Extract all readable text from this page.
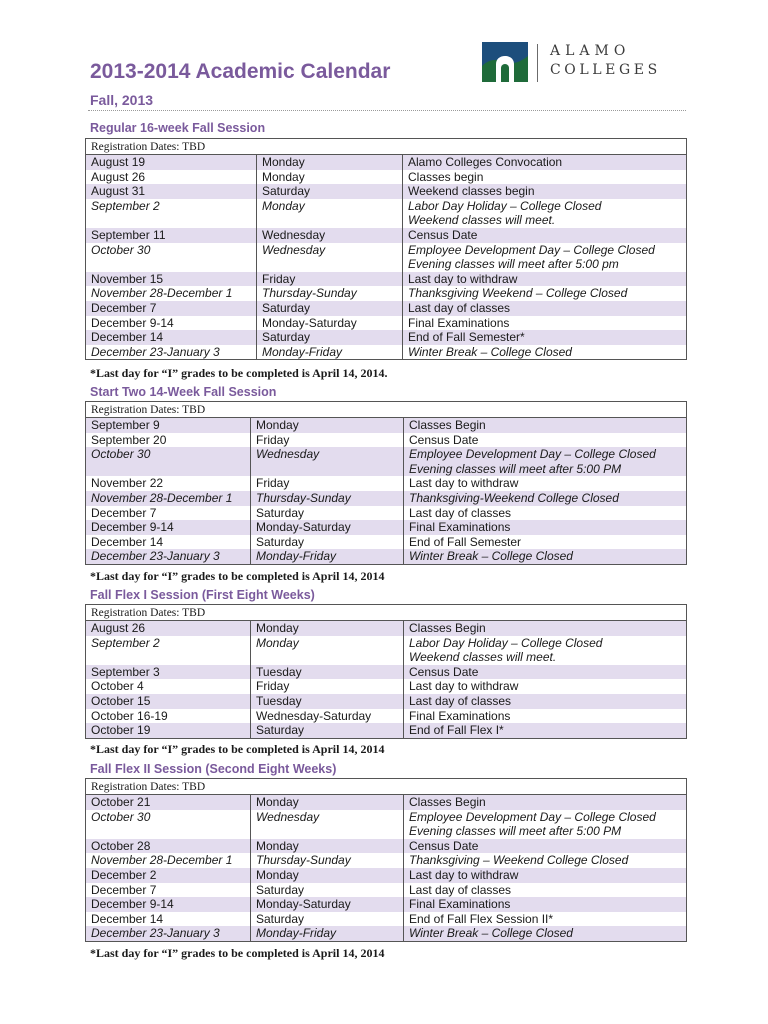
2013-2014 Academic Calendar
Fall, 2013
ALAMO
COLLEGES
Regular 16-week Fall Session
Registration Dates: TBD		
August 19	Monday	Alamo Colleges Convocation

August 26	Monday	Classes begin

August 31	Saturday	Weekend classes begin

September 2	Monday	Labor Day Holiday – College Closed
Weekend classes will meet.

September 11	Wednesday	Census Date

October 30	Wednesday	Employee Development Day – College Closed
Evening classes will meet after 5:00 pm

November 15	Friday	Last day to withdraw

November 28-December 1	Thursday-Sunday	Thanksgiving Weekend – College Closed

December 7	Saturday	Last day of classes

December 9-14	Monday-Saturday	Final Examinations

December 14	Saturday	End of Fall Semester*

December 23-January 3	Monday-Friday	Winter Break – College Closed
*Last day for “I” grades to be completed is April 14, 2014.
Start Two 14-Week Fall Session
Registration Dates: TBD		
September 9	Monday	Classes Begin

September 20	Friday	Census Date

October 30	Wednesday	Employee Development Day – College Closed
Evening classes will meet after 5:00 PM

November 22	Friday	Last day to withdraw

November 28-December 1	Thursday-Sunday	Thanksgiving-Weekend College Closed

December 7	Saturday	Last day of classes

December 9-14	Monday-Saturday	Final Examinations

December 14	Saturday	End of Fall Semester

December 23-January 3	Monday-Friday	Winter Break – College Closed
*Last day for “I” grades to be completed is April 14, 2014
Fall Flex I Session (First Eight Weeks)
Registration Dates: TBD		
August 26	Monday	Classes Begin

September 2	Monday	Labor Day Holiday – College Closed
Weekend classes will meet.

September 3	Tuesday	Census Date

October 4	Friday	Last day to withdraw

October 15	Tuesday	Last day of classes

October 16-19	Wednesday-Saturday	Final Examinations

October 19	Saturday	End of Fall Flex I*
*Last day for “I” grades to be completed is April 14, 2014
Fall Flex II Session (Second Eight Weeks)
Registration Dates: TBD		
October 21	Monday	Classes Begin

October 30	Wednesday	Employee Development Day – College Closed
Evening classes will meet after 5:00 PM

October 28	Monday	Census Date

November 28-December 1	Thursday-Sunday	Thanksgiving – Weekend College Closed

December 2	Monday	Last day to withdraw

December 7	Saturday	Last day of classes

December 9-14	Monday-Saturday	Final Examinations

December 14	Saturday	End of Fall Flex Session II*

December 23-January 3	Monday-Friday	Winter Break – College Closed
*Last day for “I” grades to be completed is April 14, 2014
